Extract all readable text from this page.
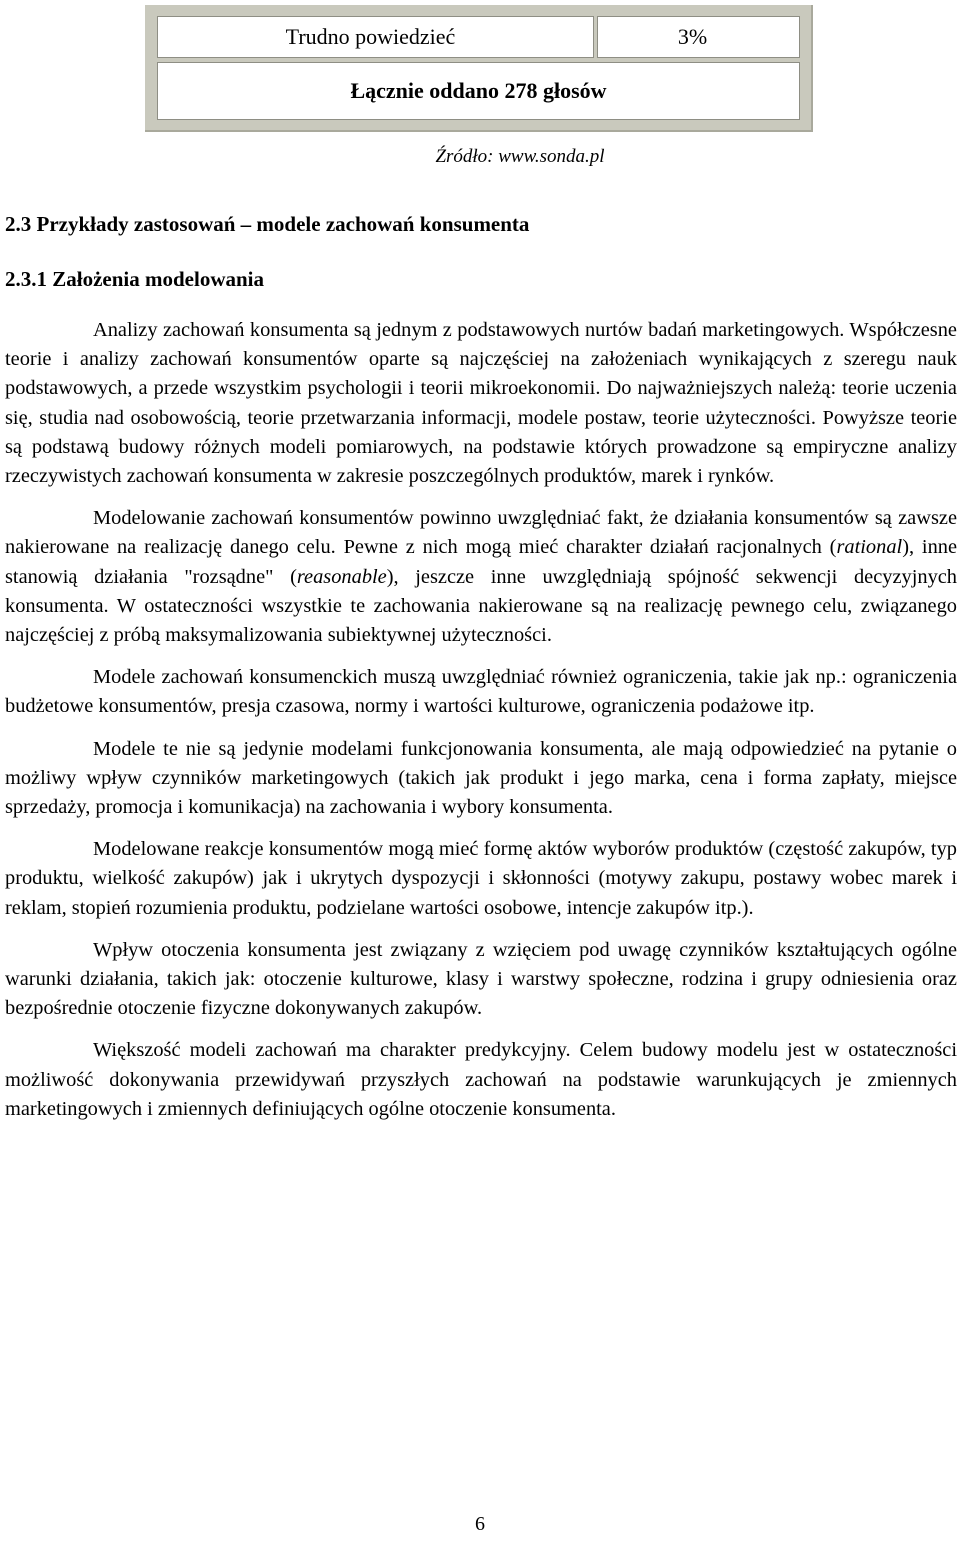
Trudno powiedzieć	3%
Łącznie oddano 278 głosów
Źródło: www.sonda.pl
2.3 Przykłady zastosowań – modele zachowań konsumenta
2.3.1 Założenia modelowania

Analizy zachowań konsumenta są jednym z podstawowych nurtów badań marketingowych. Współczesne teorie i analizy zachowań konsumentów oparte są najczęściej na założeniach wynikających z szeregu nauk podstawowych, a przede wszystkim psychologii i teorii mikroekonomii. Do najważniejszych należą: teorie uczenia się, studia nad osobowością, teorie przetwarzania informacji, modele postaw, teorie użyteczności. Powyższe teorie są podstawą budowy różnych modeli pomiarowych, na podstawie których prowadzone są empiryczne analizy rzeczywistych zachowań konsumenta w zakresie poszczególnych produktów, marek i rynków.

Modelowanie zachowań konsumentów powinno uwzględniać fakt, że działania konsumentów są zawsze nakierowane na realizację danego celu. Pewne z nich mogą mieć charakter działań racjonalnych (rational), inne stanowią działania "rozsądne" (reasonable), jeszcze inne uwzględniają spójność sekwencji decyzyjnych konsumenta. W ostateczności wszystkie te zachowania nakierowane są na realizację pewnego celu, związanego najczęściej z próbą maksymalizowania subiektywnej użyteczności.

Modele zachowań konsumenckich muszą uwzględniać również ograniczenia, takie jak np.: ograniczenia budżetowe konsumentów, presja czasowa, normy i wartości kulturowe, ograniczenia podażowe itp.

Modele te nie są jedynie modelami funkcjonowania konsumenta, ale mają odpowiedzieć na pytanie o możliwy wpływ czynników marketingowych (takich jak produkt i jego marka, cena i forma zapłaty, miejsce sprzedaży, promocja i komunikacja) na zachowania i wybory konsumenta.

Modelowane reakcje konsumentów mogą mieć formę aktów wyborów produktów (częstość zakupów, typ produktu, wielkość zakupów) jak i ukrytych dyspozycji i skłonności (motywy zakupu, postawy wobec marek i reklam, stopień rozumienia produktu, podzielane wartości osobowe, intencje zakupów itp.).

Wpływ otoczenia konsumenta jest związany z wzięciem pod uwagę czynników kształtujących ogólne warunki działania, takich jak: otoczenie kulturowe, klasy i warstwy społeczne, rodzina i grupy odniesienia oraz bezpośrednie otoczenie fizyczne dokonywanych zakupów.

Większość modeli zachowań ma charakter predykcyjny. Celem budowy modelu jest w ostateczności możliwość dokonywania przewidywań przyszłych zachowań na podstawie warunkujących je zmiennych marketingowych i zmiennych definiujących ogólne otoczenie konsumenta.

6
